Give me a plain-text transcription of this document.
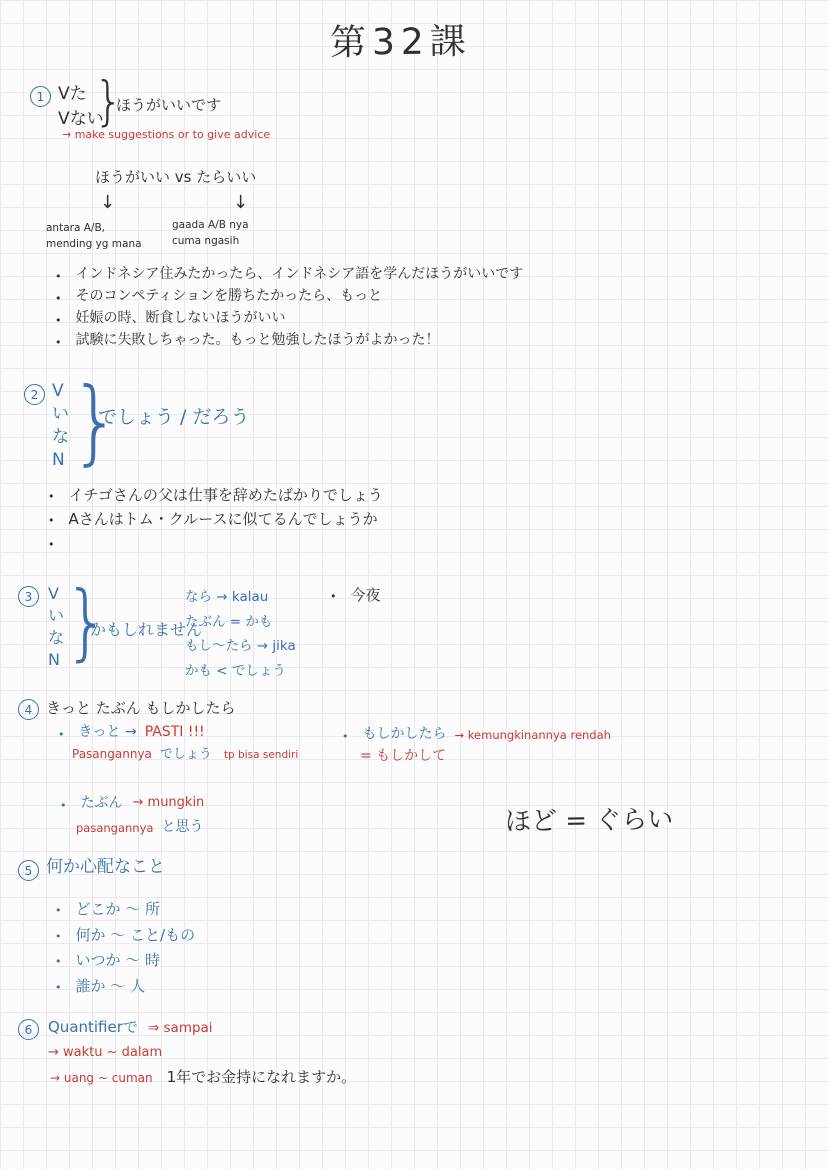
第32課
1 Vた
Vない
}
ほうがいいです
→ make suggestions or to give advice
ほうがいい vs たらいい
↓	↓
antara A/B,
mending yg mana
gaada A/B nya
cuma ngasih
• インドネシア住みたかったら、インドネシア語を学んだほうがいいです
• そのコンペティションを勝ちたかったら、もっと
• 妊娠の時、断食しないほうがいい
• 試験に失敗しちゃった。もっと勉強したほうがよかった！
2 V
い
な
N }
でしょう / だろう
• イチゴさんの父は仕事を辞めたばかりでしょう
• Aさんはトム・クルースに似てるんでしょうか
•
3 V
い
な
N }
かもしれません
なら → kalau
たぶん = かも
もし～たら → jika
かも < でしょう
• 今夜
4 きっと たぶん もしかしたら
• きっと → PASTI !!!
Pasangannya でしょう tp bisa sendiri
• もしかしたら → kemungkinannya rendah
= もしかして
• たぶん → mungkin
pasangannya と思う	ほど = ぐらい
5 何か心配なこと
• どこか ～ 所
• 何か ～ こと/もの
• いつか ～ 時
• 誰か ～ 人
6	Quantifierで ⇒ sampai
→ waktu ~ dalam
→ uang ~ cuman 1年でお金持になれますか。
